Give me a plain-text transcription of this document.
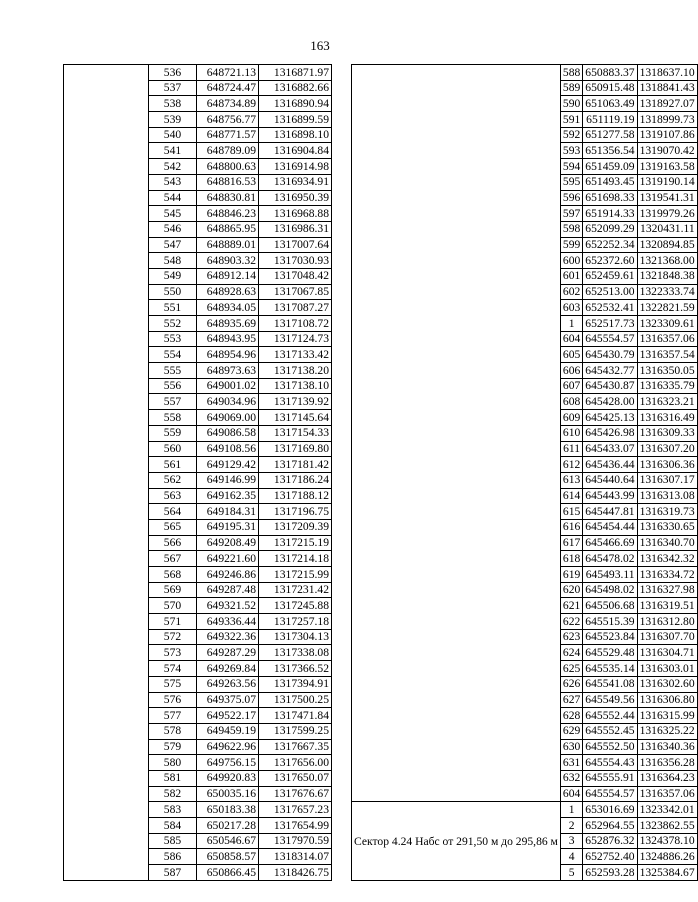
163
	536	648721.13	1316871.97
	537	648724.47	1316882.66
	538	648734.89	1316890.94
	539	648756.77	1316899.59
	540	648771.57	1316898.10
	541	648789.09	1316904.84
	542	648800.63	1316914.98
	543	648816.53	1316934.91
	544	648830.81	1316950.39
	545	648846.23	1316968.88
	546	648865.95	1316986.31
	547	648889.01	1317007.64
	548	648903.32	1317030.93
	549	648912.14	1317048.42
	550	648928.63	1317067.85
	551	648934.05	1317087.27
	552	648935.69	1317108.72
	553	648943.95	1317124.73
	554	648954.96	1317133.42
	555	648973.63	1317138.20
	556	649001.02	1317138.10
	557	649034.96	1317139.92
	558	649069.00	1317145.64
	559	649086.58	1317154.33
	560	649108.56	1317169.80
	561	649129.42	1317181.42
	562	649146.99	1317186.24
	563	649162.35	1317188.12
	564	649184.31	1317196.75
	565	649195.31	1317209.39
	566	649208.49	1317215.19
	567	649221.60	1317214.18
	568	649246.86	1317215.99
	569	649287.48	1317231.42
	570	649321.52	1317245.88
	571	649336.44	1317257.18
	572	649322.36	1317304.13
	573	649287.29	1317338.08
	574	649269.84	1317366.52
	575	649263.56	1317394.91
	576	649375.07	1317500.25
	577	649522.17	1317471.84
	578	649459.19	1317599.25
	579	649622.96	1317667.35
	580	649756.15	1317656.00
	581	649920.83	1317650.07
	582	650035.16	1317676.67
	583	650183.38	1317657.23
	584	650217.28	1317654.99
	585	650546.67	1317970.59
	586	650858.57	1318314.07
	587	650866.45	1318426.75
	588	650883.37	1318637.10
	589	650915.48	1318841.43
	590	651063.49	1318927.07
	591	651119.19	1318999.73
	592	651277.58	1319107.86
	593	651356.54	1319070.42
	594	651459.09	1319163.58
	595	651493.45	1319190.14
	596	651698.33	1319541.31
	597	651914.33	1319979.26
	598	652099.29	1320431.11
	599	652252.34	1320894.85
	600	652372.60	1321368.00
	601	652459.61	1321848.38
	602	652513.00	1322333.74
	603	652532.41	1322821.59
	1	652517.73	1323309.61
	604	645554.57	1316357.06
	605	645430.79	1316357.54
	606	645432.77	1316350.05
	607	645430.87	1316335.79
	608	645428.00	1316323.21
	609	645425.13	1316316.49
	610	645426.98	1316309.33
	611	645433.07	1316307.20
	612	645436.44	1316306.36
	613	645440.64	1316307.17
	614	645443.99	1316313.08
	615	645447.81	1316319.73
	616	645454.44	1316330.65
	617	645466.69	1316340.70
	618	645478.02	1316342.32
	619	645493.11	1316334.72
	620	645498.02	1316327.98
	621	645506.68	1316319.51
	622	645515.39	1316312.80
	623	645523.84	1316307.70
	624	645529.48	1316304.71
	625	645535.14	1316303.01
	626	645541.08	1316302.60
	627	645549.56	1316306.80
	628	645552.44	1316315.99
	629	645552.45	1316325.22
	630	645552.50	1316340.36
	631	645554.43	1316356.28
	632	645555.91	1316364.23
	604	645554.57	1316357.06
Сектор 4.24 Набс от 291,50 м до 295,86 м	1	653016.69	1323342.01
	2	652964.55	1323862.55
	3	652876.32	1324378.10
	4	652752.40	1324886.26
	5	652593.28	1325384.67
